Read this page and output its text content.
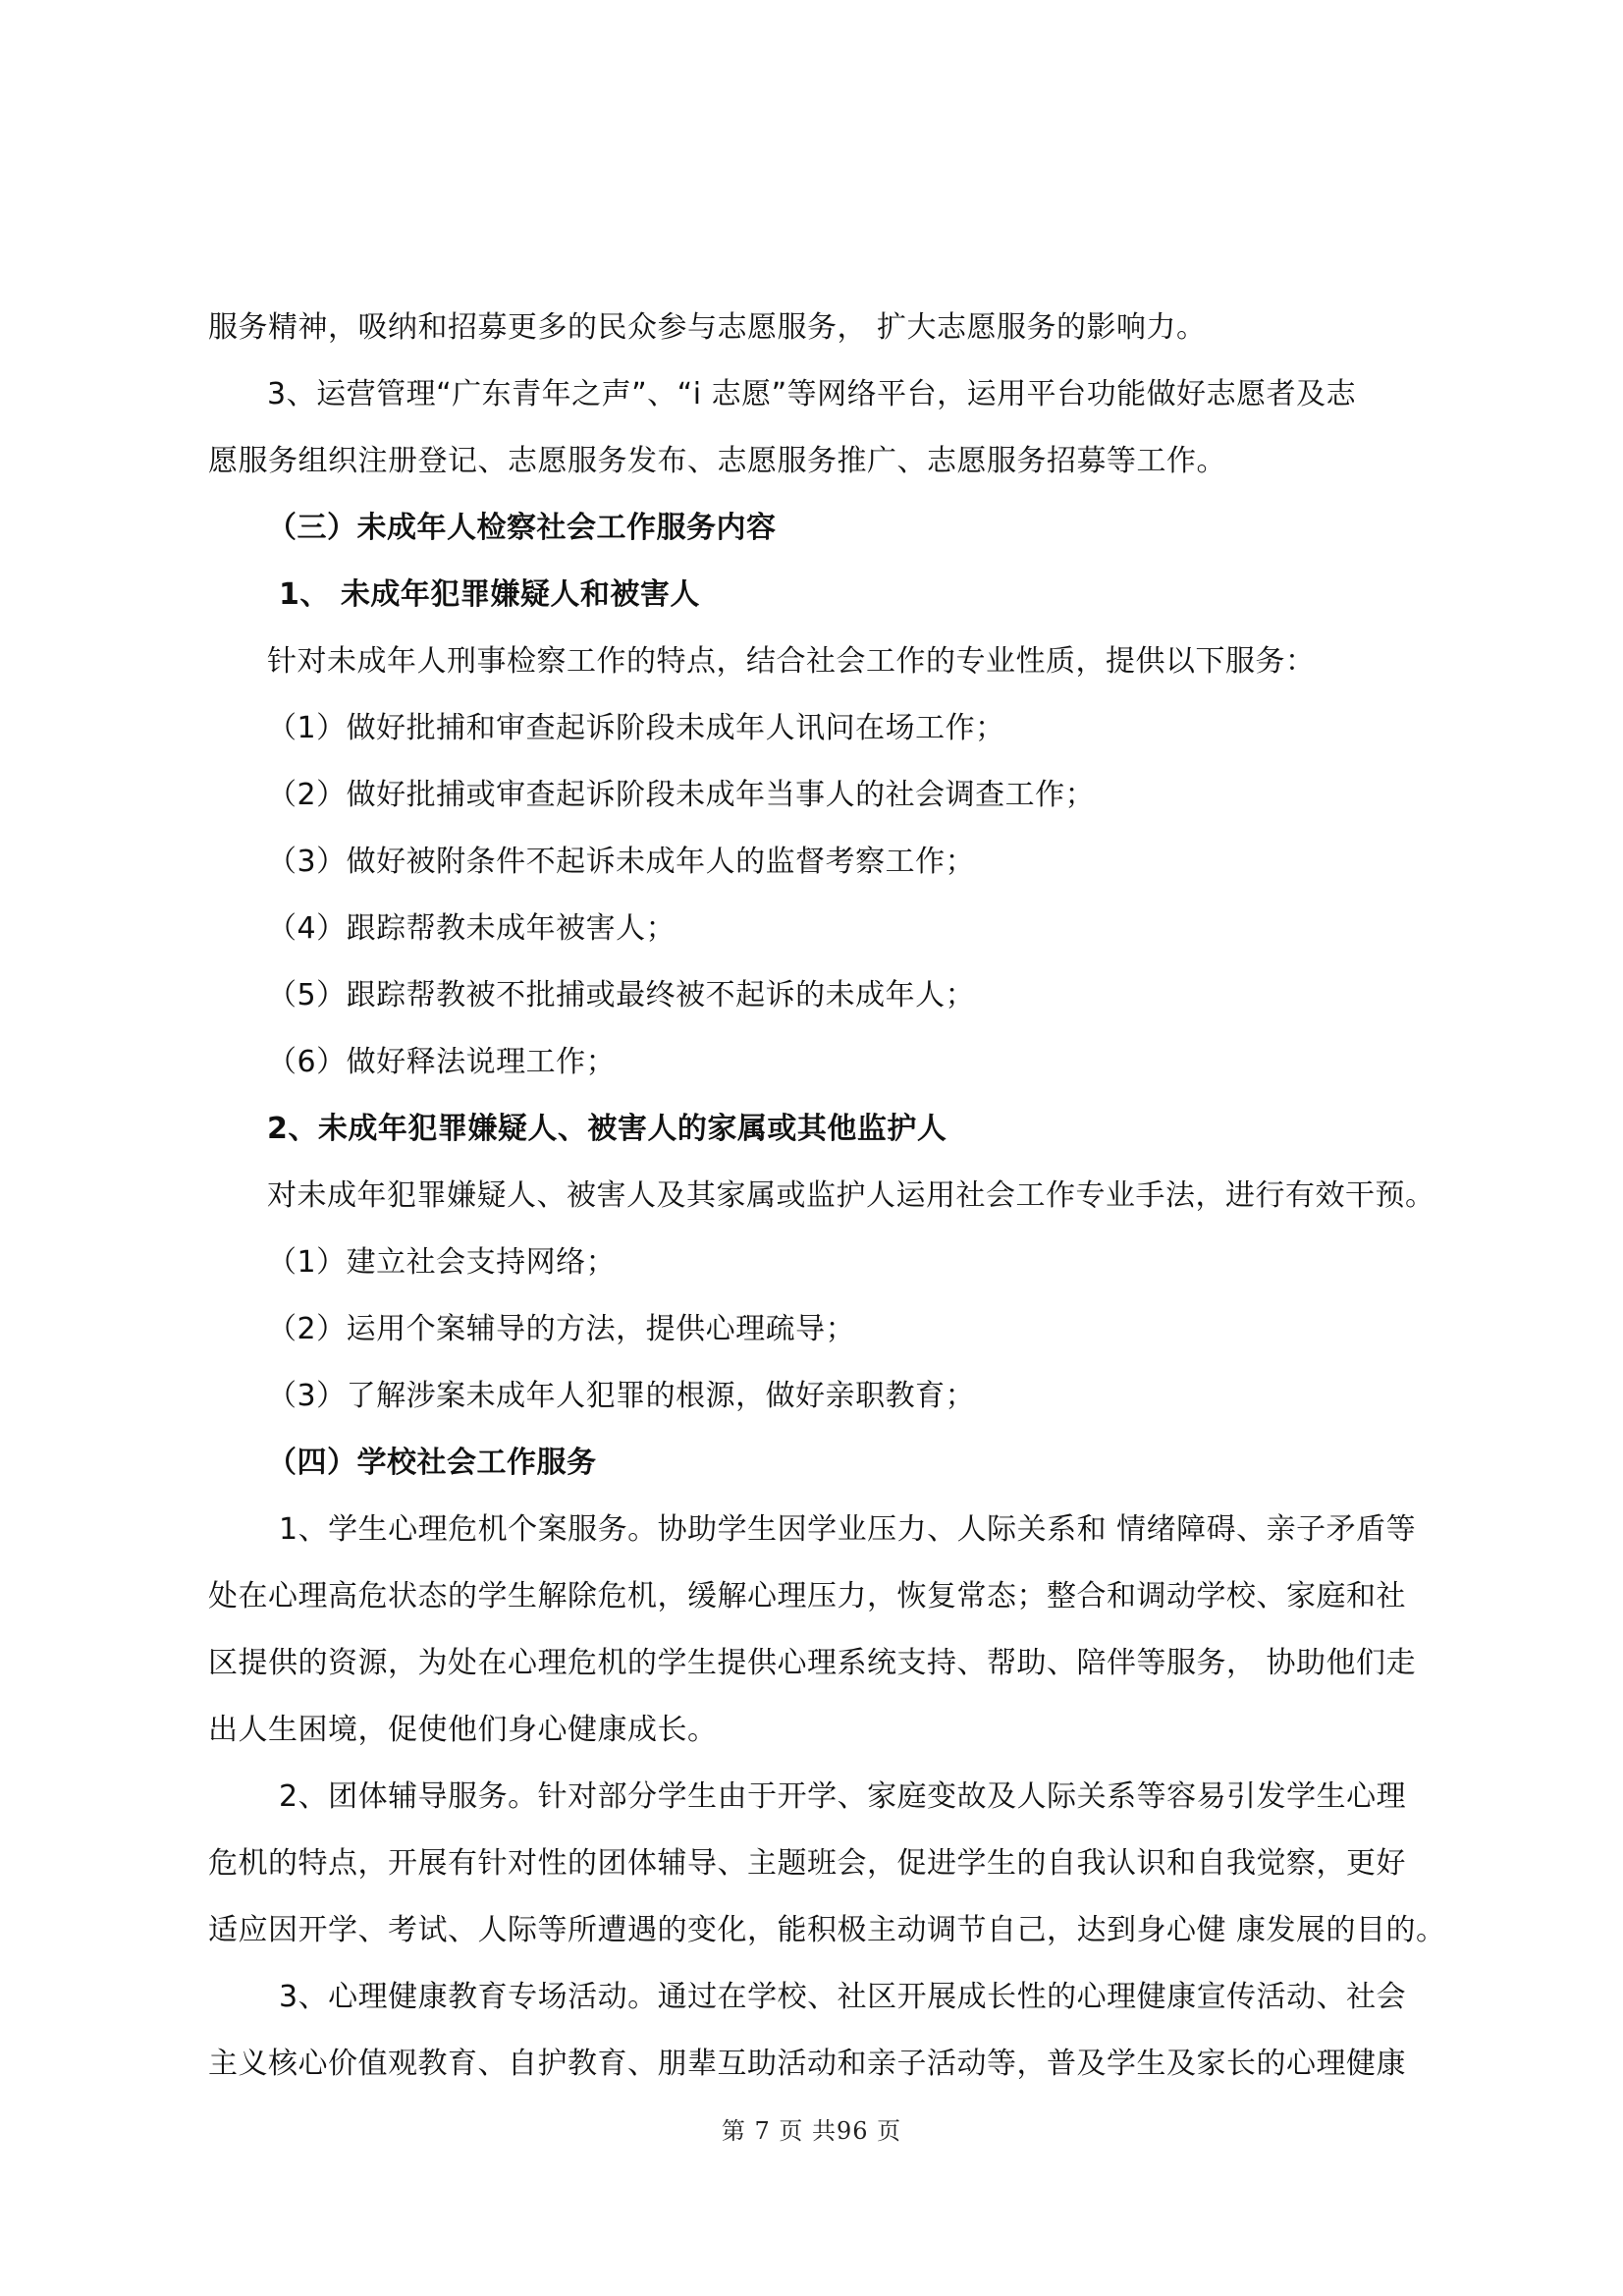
服务精神，吸纳和招募更多的民众参与志愿服务， 扩大志愿服务的影响力。
3、运营管理“广东青年之声”、“i 志愿”等网络平台，运用平台功能做好志愿者及志
愿服务组织注册登记、志愿服务发布、志愿服务推广、志愿服务招募等工作。
（三）未成年人检察社会工作服务内容
1、 未成年犯罪嫌疑人和被害人
针对未成年人刑事检察工作的特点，结合社会工作的专业性质，提供以下服务：
（1）做好批捕和审查起诉阶段未成年人讯问在场工作；
（2）做好批捕或审查起诉阶段未成年当事人的社会调查工作；
（3）做好被附条件不起诉未成年人的监督考察工作；
（4）跟踪帮教未成年被害人；
（5）跟踪帮教被不批捕或最终被不起诉的未成年人；
（6）做好释法说理工作；
2、未成年犯罪嫌疑人、被害人的家属或其他监护人
对未成年犯罪嫌疑人、被害人及其家属或监护人运用社会工作专业手法，进行有效干预。
（1）建立社会支持网络；
（2）运用个案辅导的方法，提供心理疏导；
（3）了解涉案未成年人犯罪的根源，做好亲职教育；
（四）学校社会工作服务
1、学生心理危机个案服务。协助学生因学业压力、人际关系和 情绪障碍、亲子矛盾等
处在心理高危状态的学生解除危机，缓解心理压力，恢复常态；整合和调动学校、家庭和社
区提供的资源，为处在心理危机的学生提供心理系统支持、帮助、陪伴等服务， 协助他们走
出人生困境，促使他们身心健康成长。
2、团体辅导服务。针对部分学生由于开学、家庭变故及人际关系等容易引发学生心理
危机的特点，开展有针对性的团体辅导、主题班会，促进学生的自我认识和自我觉察，更好
适应因开学、考试、人际等所遭遇的变化，能积极主动调节自己，达到身心健 康发展的目的。
3、心理健康教育专场活动。通过在学校、社区开展成长性的心理健康宣传活动、社会
主义核心价值观教育、自护教育、朋辈互助活动和亲子活动等，普及学生及家长的心理健康
第 7 页 共96 页
